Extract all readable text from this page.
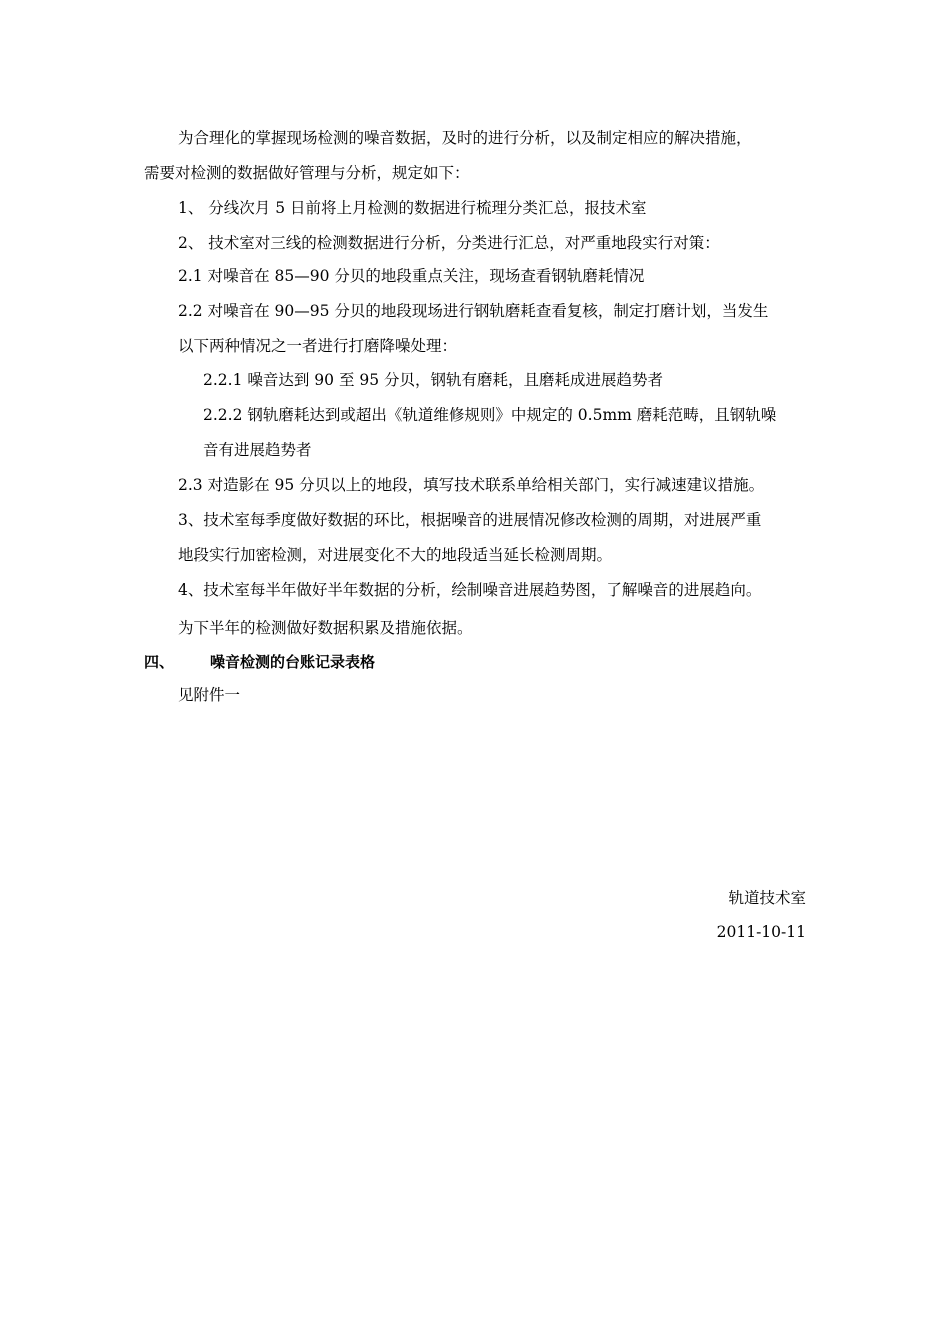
为合理化的掌握现场检测的噪音数据，及时的进行分析，以及制定相应的解决措施，
需要对检测的数据做好管理与分析，规定如下：
1、 分线次月 5 日前将上月检测的数据进行梳理分类汇总，报技术室
2、 技术室对三线的检测数据进行分析，分类进行汇总，对严重地段实行对策：
2.1 对噪音在 85—90 分贝的地段重点关注，现场查看钢轨磨耗情况
2.2 对噪音在 90—95 分贝的地段现场进行钢轨磨耗查看复核，制定打磨计划，当发生
以下两种情况之一者进行打磨降噪处理：
2.2.1 噪音达到 90 至 95 分贝，钢轨有磨耗，且磨耗成进展趋势者
2.2.2 钢轨磨耗达到或超出《轨道维修规则》中规定的 0.5mm 磨耗范畴，且钢轨噪
音有进展趋势者
2.3 对造影在 95 分贝以上的地段，填写技术联系单给相关部门，实行减速建议措施。
3、技术室每季度做好数据的环比，根据噪音的进展情况修改检测的周期，对进展严重
地段实行加密检测，对进展变化不大的地段适当延长检测周期。
4、技术室每半年做好半年数据的分析，绘制噪音进展趋势图，了解噪音的进展趋向。
为下半年的检测做好数据积累及措施依据。
四、 噪音检测的台账记录表格
见附件一
轨道技术室
2011-10-11
